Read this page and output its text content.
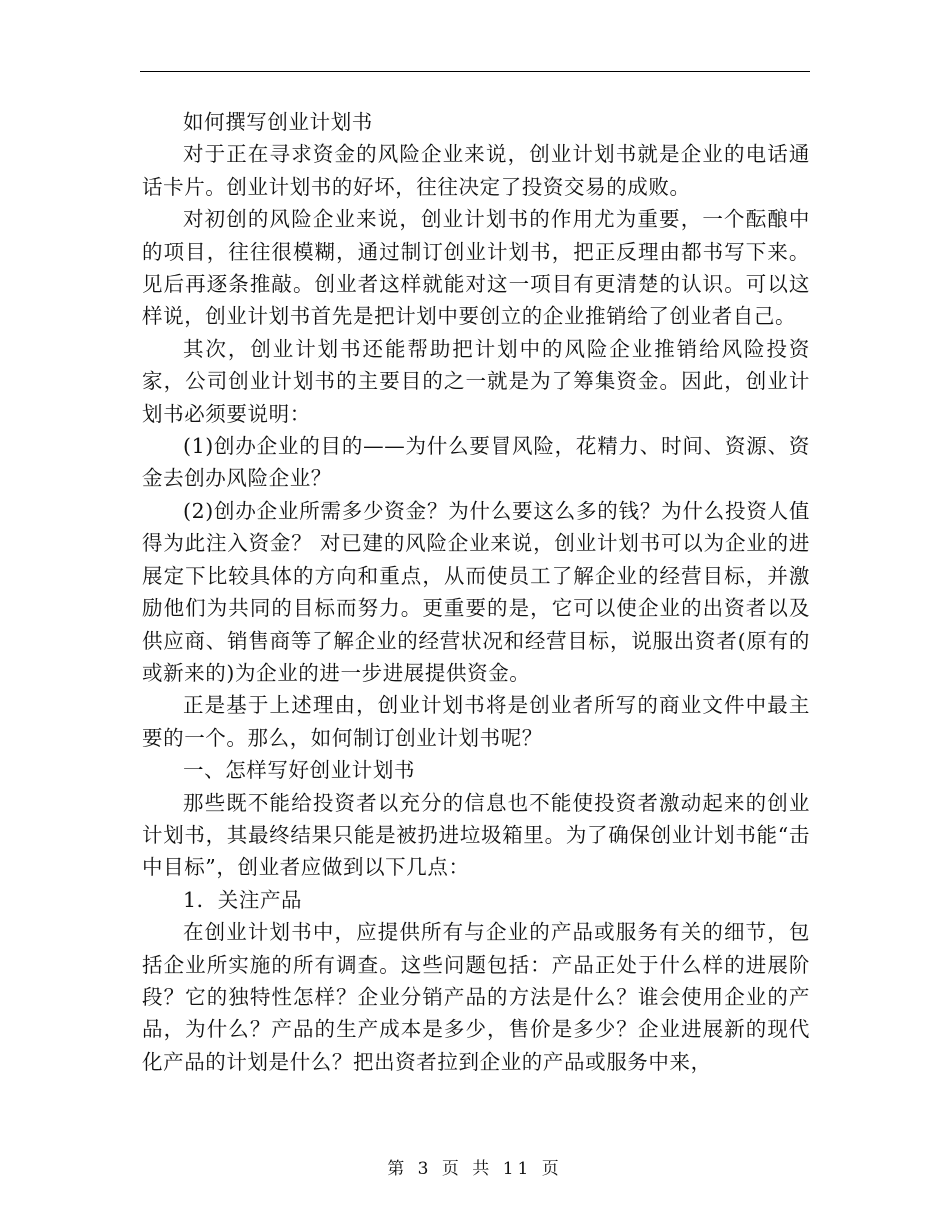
如何撰写创业计划书

对于正在寻求资金的风险企业来说，创业计划书就是企业的电话通话卡片。创业计划书的好坏，往往决定了投资交易的成败。

对初创的风险企业来说，创业计划书的作用尤为重要，一个酝酿中的项目，往往很模糊，通过制订创业计划书，把正反理由都书写下来。见后再逐条推敲。创业者这样就能对这一项目有更清楚的认识。可以这样说，创业计划书首先是把计划中要创立的企业推销给了创业者自己。

其次，创业计划书还能帮助把计划中的风险企业推销给风险投资家，公司创业计划书的主要目的之一就是为了筹集资金。因此，创业计划书必须要说明：

(1)创办企业的目的——为什么要冒风险，花精力、时间、资源、资金去创办风险企业？

(2)创办企业所需多少资金？为什么要这么多的钱？为什么投资人值得为此注入资金？ 对已建的风险企业来说，创业计划书可以为企业的进展定下比较具体的方向和重点，从而使员工了解企业的经营目标，并激励他们为共同的目标而努力。更重要的是，它可以使企业的出资者以及供应商、销售商等了解企业的经营状况和经营目标，说服出资者(原有的或新来的)为企业的进一步进展提供资金。

正是基于上述理由，创业计划书将是创业者所写的商业文件中最主要的一个。那么，如何制订创业计划书呢？

一、怎样写好创业计划书

那些既不能给投资者以充分的信息也不能使投资者激动起来的创业计划书，其最终结果只能是被扔进垃圾箱里。为了确保创业计划书能“击中目标”，创业者应做到以下几点：

1．关注产品

在创业计划书中，应提供所有与企业的产品或服务有关的细节，包括企业所实施的所有调查。这些问题包括：产品正处于什么样的进展阶段？它的独特性怎样？企业分销产品的方法是什么？谁会使用企业的产品，为什么？产品的生产成本是多少，售价是多少？企业进展新的现代化产品的计划是什么？把出资者拉到企业的产品或服务中来，

第 3 页 共 11 页
